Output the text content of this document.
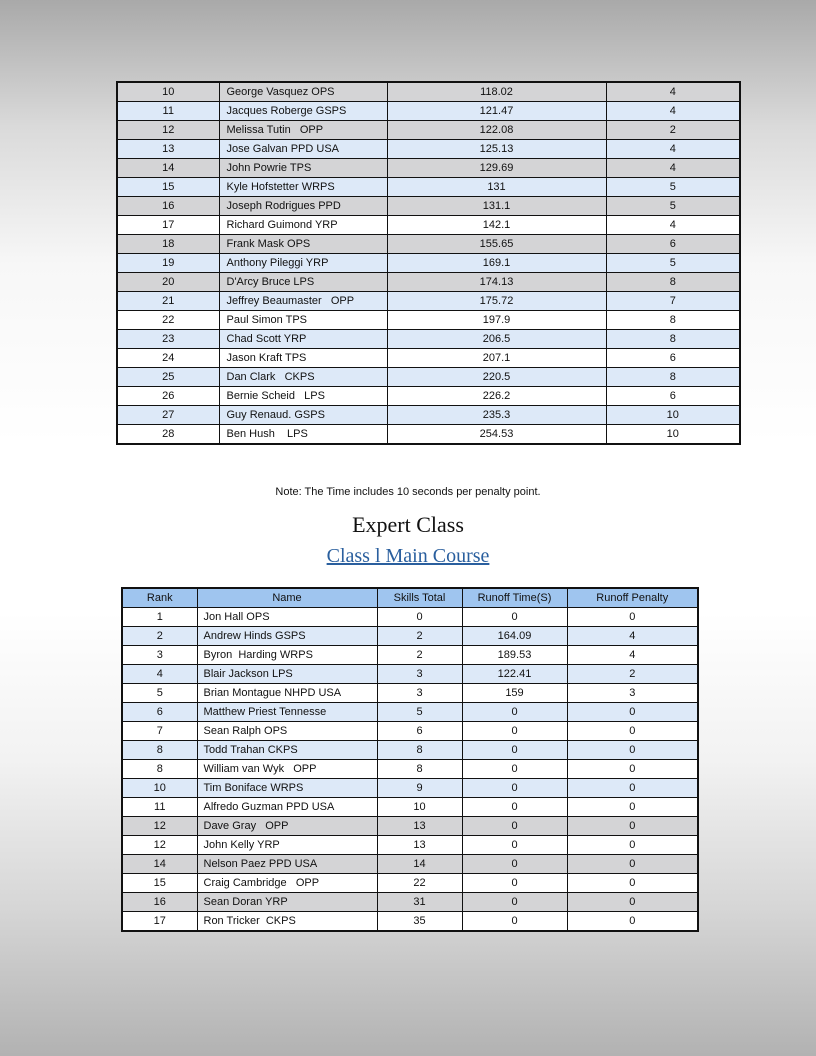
10	George Vasquez OPS	118.02	4
11	Jacques Roberge GSPS	121.47	4
12	Melissa Tutin   OPP	122.08	2
13	Jose Galvan PPD USA	125.13	4
14	John Powrie TPS	129.69	4
15	Kyle Hofstetter WRPS	131	5
16	Joseph Rodrigues PPD	131.1	5
17	Richard Guimond YRP	142.1	4
18	Frank Mask OPS	155.65	6
19	Anthony Pileggi YRP	169.1	5
20	D'Arcy Bruce LPS	174.13	8
21	Jeffrey Beaumaster   OPP	175.72	7
22	Paul Simon TPS	197.9	8
23	Chad Scott YRP	206.5	8
24	Jason Kraft TPS	207.1	6
25	Dan Clark   CKPS	220.5	8
26	Bernie Scheid   LPS	226.2	6
27	Guy Renaud. GSPS	235.3	10
28	Ben Hush    LPS	254.53	10
Note: The Time includes 10 seconds per penalty point.
Expert Class
Class l Main Course
Rank	Name	Skills Total	Runoff Time(S)	Runoff Penalty
1	Jon Hall OPS	0	0	0
2	Andrew Hinds GSPS	2	164.09	4
3	Byron  Harding WRPS	2	189.53	4
4	Blair Jackson LPS	3	122.41	2
5	Brian Montague NHPD USA	3	159	3
6	Matthew Priest Tennesse	5	0	0
7	Sean Ralph OPS	6	0	0
8	Todd Trahan CKPS	8	0	0
8	William van Wyk   OPP	8	0	0
10	Tim Boniface WRPS	9	0	0
11	Alfredo Guzman PPD USA	10	0	0
12	Dave Gray   OPP	13	0	0
12	John Kelly YRP	13	0	0
14	Nelson Paez PPD USA	14	0	0
15	Craig Cambridge   OPP	22	0	0
16	Sean Doran YRP	31	0	0
17	Ron Tricker  CKPS	35	0	0
